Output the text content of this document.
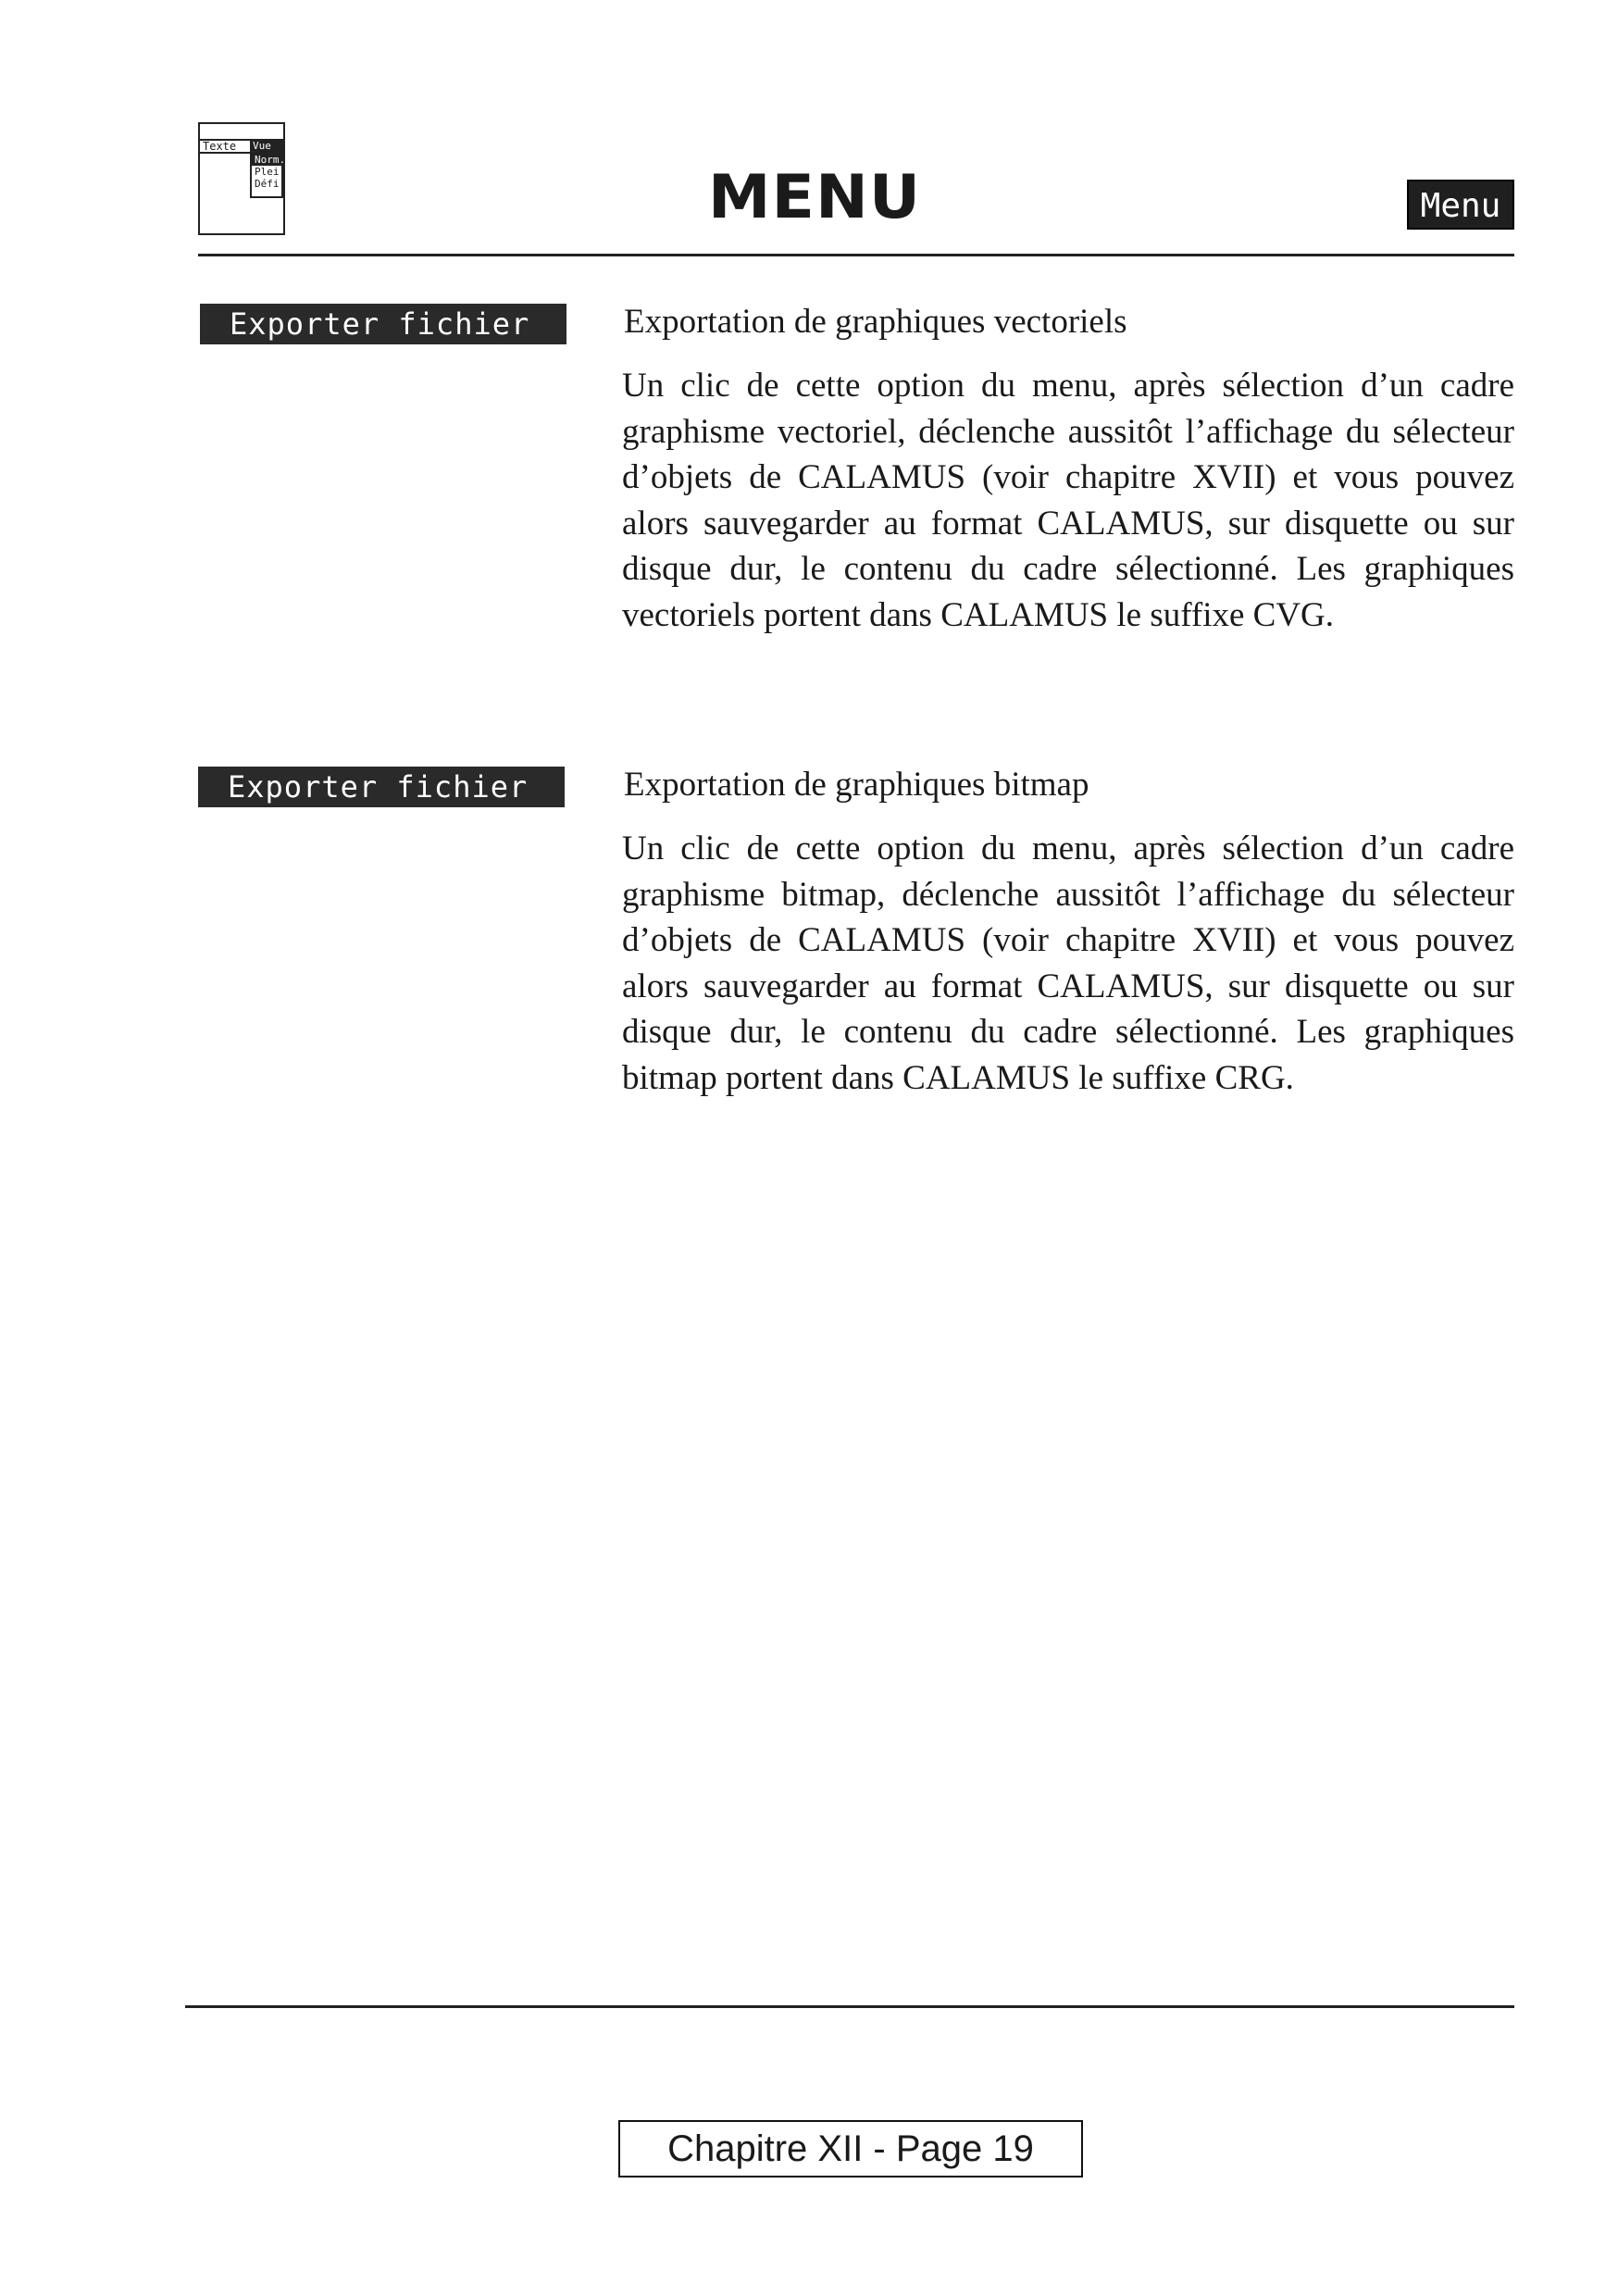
Texte Vue
Norm.
Plei
Défi	MENU	Menu
Exporter fichier	Exportation de graphiques vectoriels

Un clic de cette option du menu, après sélection d’un cadre graphisme vectoriel, déclenche aussitôt l’affichage du sélecteur d’objets de CALAMUS (voir chapitre XVII) et vous pouvez alors sauvegarder au format CALAMUS, sur disquette ou sur disque dur, le contenu du cadre sélectionné. Les graphiques vectoriels portent dans CALAMUS le suffixe CVG.

Exporter fichier	Exportation de graphiques bitmap

Un clic de cette option du menu, après sélection d’un cadre graphisme bitmap, déclenche aussitôt l’affichage du sélecteur d’objets de CALAMUS (voir chapitre XVII) et vous pouvez alors sauvegarder au format CALAMUS, sur disquette ou sur disque dur, le contenu du cadre sélectionné. Les graphiques bitmap portent dans CALAMUS le suffixe CRG.

Chapitre XII - Page 19
